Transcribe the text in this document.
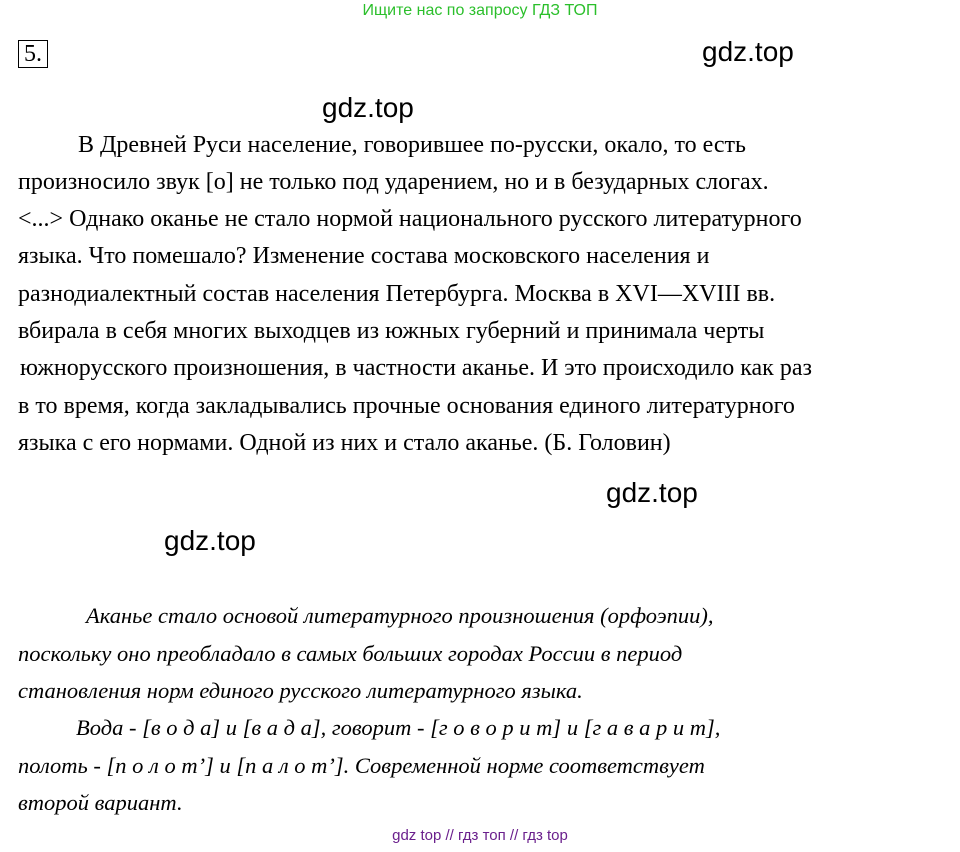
Ищите нас по запросу ГДЗ ТОП
5.	gdz.top
gdz.top
gdz.top
gdz.top
В Древней Руси население, говорившее по-русски, окало, то есть
произносило звук [о] не только под ударением, но и в безударных слогах.
<...> Однако оканье не стало нормой национального русского литературного
языка. Что помешало? Изменение состава московского населения и
разнодиалектный состав населения Петербурга. Москва в XVI—XVIII вв.
вбирала в себя многих выходцев из южных губерний и принимала черты
южнорусского произношения, в частности аканье. И это происходило как раз
в то время, когда закладывались прочные основания единого литературного
языка с его нормами. Одной из них и стало аканье. (Б. Головин)
Аканье стало основой литературного произношения (орфоэпии),
поскольку оно преобладало в самых больших городах России в период
становления норм единого русского литературного языка.
Вода - [в о д а] и [в а д а], говорит - [г о в о р и т] и [г а в а р и т],
полоть - [п о л о т’] и [п а л о т’]. Современной норме соответствует
второй вариант.
gdz top // гдз топ // гдз top
